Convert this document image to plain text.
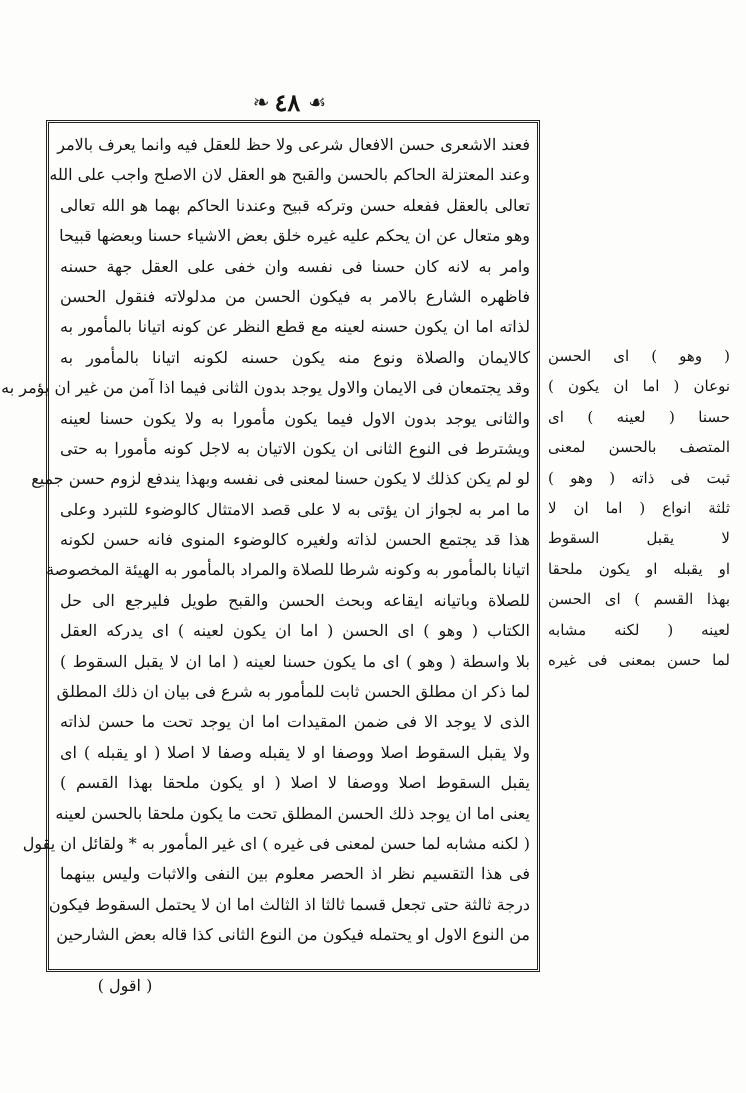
❧ ٤٨ ☙
فعند الاشعرى حسن الافعال شرعى ولا حظ للعقل فيه وانما يعرف بالامر
وعند المعتزلة الحاكم بالحسن والقبح هو العقل لان الاصلح واجب على الله
تعالى بالعقل ففعله حسن وتركه قبيح وعندنا الحاكم بهما هو الله تعالى
وهو متعال عن ان يحكم عليه غيره خلق بعض الاشياء حسنا وبعضها قبيحا
وامر به لانه كان حسنا فى نفسه وان خفى على العقل جهة حسنه
فاظهره الشارع بالامر به فيكون الحسن من مدلولاته فنقول الحسن
لذاته اما ان يكون حسنه لعينه مع قطع النظر عن كونه اتيانا بالمأمور به
كالايمان والصلاة ونوع منه يكون حسنه لكونه اتيانا بالمأمور به
وقد يجتمعان فى الايمان والاول يوجد بدون الثانى فيما اذا آمن من غير ان يؤمر به
والثانى يوجد بدون الاول فيما يكون مأمورا به ولا يكون حسنا لعينه
ويشترط فى النوع الثانى ان يكون الاتيان به لاجل كونه مأمورا به حتى
لو لم يكن كذلك لا يكون حسنا لمعنى فى نفسه وبهذا يندفع لزوم حسن جميع
ما امر به لجواز ان يؤتى به لا على قصد الامتثال كالوضوء للتبرد وعلى
هذا قد يجتمع الحسن لذاته ولغيره كالوضوء المنوى فانه حسن لكونه
اتيانا بالمأمور به وكونه شرطا للصلاة والمراد بالمأمور به الهيئة المخصوصة
للصلاة وباتيانه ايقاعه وبحث الحسن والقبح طويل فليرجع الى حل
الكتاب ( وهو ) اى الحسن ( اما ان يكون لعينه ) اى يدركه العقل
بلا واسطة ( وهو ) اى ما يكون حسنا لعينه ( اما ان لا يقبل السقوط )
لما ذكر ان مطلق الحسن ثابت للمأمور به شرع فى بيان ان ذلك المطلق
الذى لا يوجد الا فى ضمن المقيدات اما ان يوجد تحت ما حسن لذاته
ولا يقبل السقوط اصلا ووصفا او لا يقبله وصفا لا اصلا ( او يقبله ) اى
يقبل السقوط اصلا ووصفا لا اصلا ( او يكون ملحقا بهذا القسم )
يعنى اما ان يوجد ذلك الحسن المطلق تحت ما يكون ملحقا بالحسن لعينه
( لكنه مشابه لما حسن لمعنى فى غيره ) اى غير المأمور به * ولقائل ان يقول
فى هذا التقسيم نظر اذ الحصر معلوم بين النفى والاثبات وليس بينهما
درجة ثالثة حتى تجعل قسما ثالثا اذ الثالث اما ان لا يحتمل السقوط فيكون
من النوع الاول او يحتمله فيكون من النوع الثانى كذا قاله بعض الشارحين
( وهو ) اى الحسن
نوعان ( اما ان يكون )
حسنا ( لعينه ) اى
المتصف بالحسن لمعنى
ثبت فى ذاته ( وهو )
ثلثة انواع ( اما ان لا
لا يقبل السقوط
او يقبله او يكون ملحقا
بهذا القسم ) اى الحسن
لعينه ( لكنه مشابه
لما حسن بمعنى فى غيره
( اقول )
